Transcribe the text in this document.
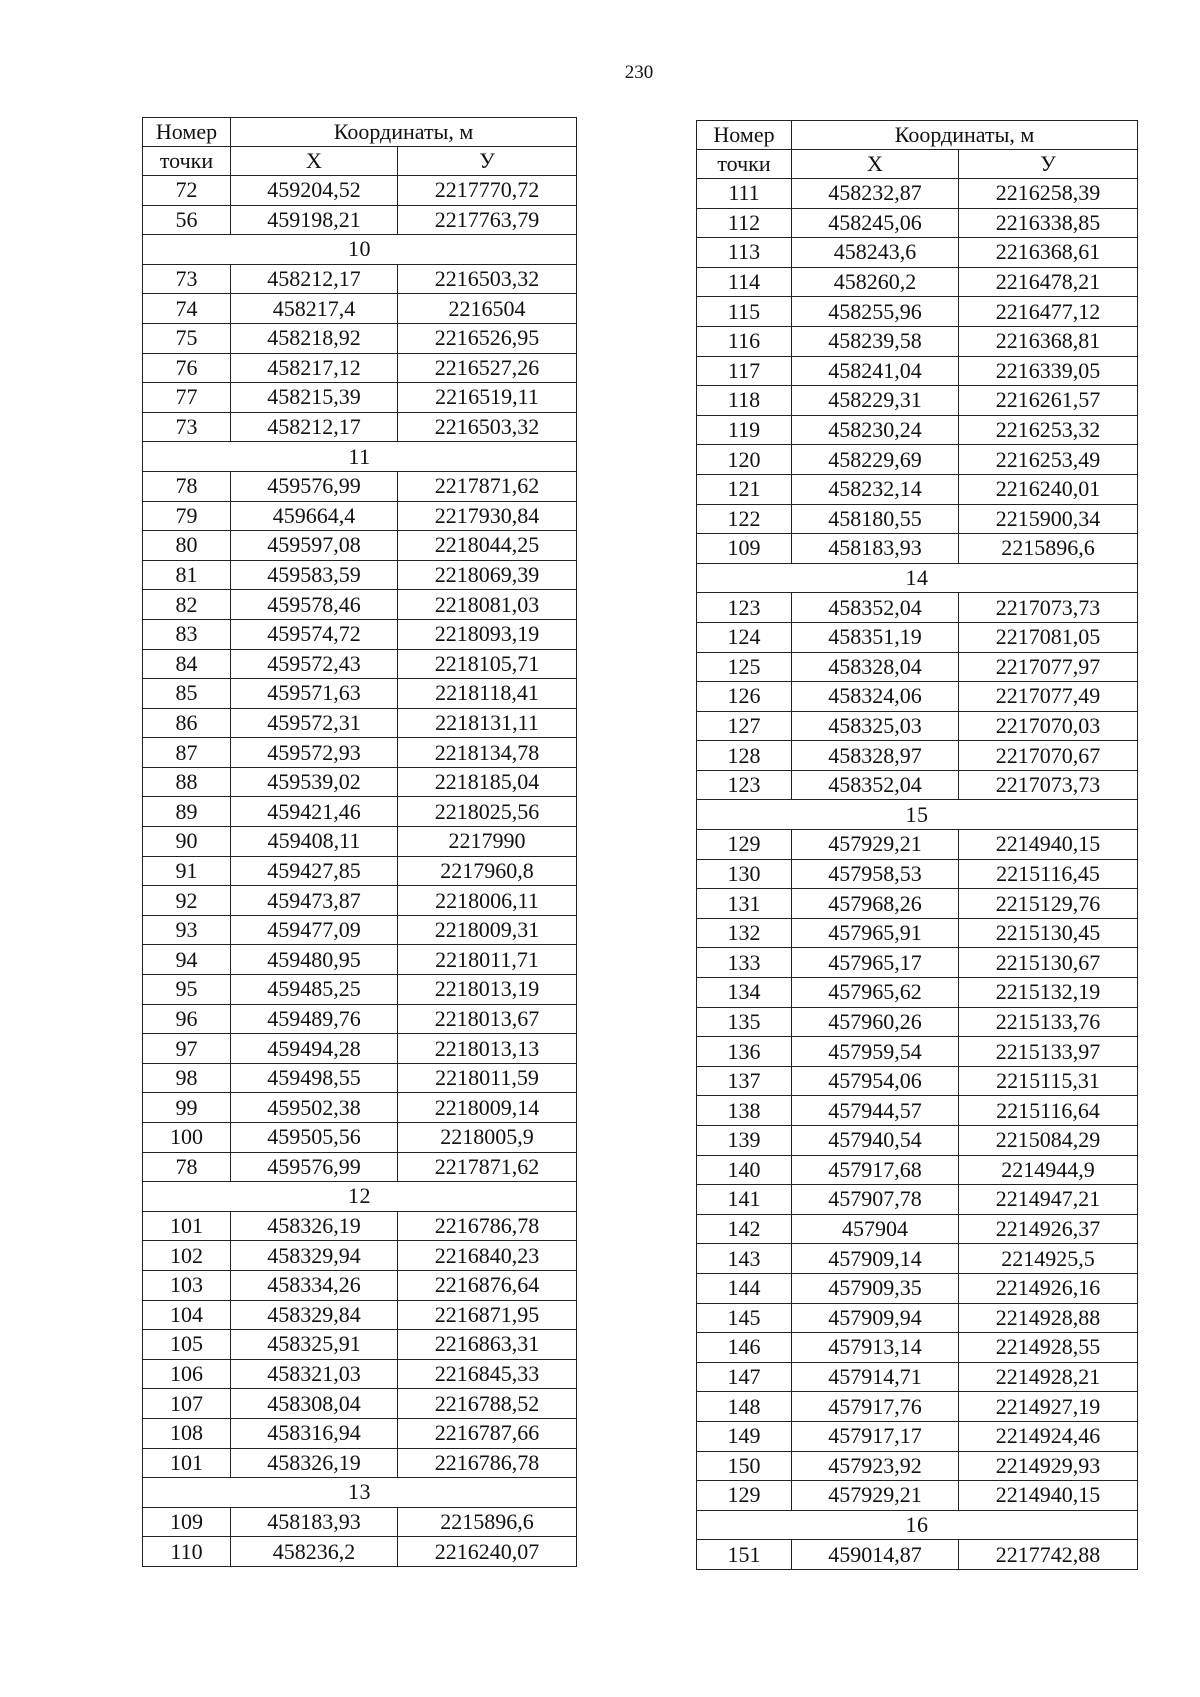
230
Номер	Координаты, м	
точки	X	У
72	459204,52	2217770,72
56	459198,21	2217763,79
10		
73	458212,17	2216503,32
74	458217,4	2216504
75	458218,92	2216526,95
76	458217,12	2216527,26
77	458215,39	2216519,11
73	458212,17	2216503,32
11		
78	459576,99	2217871,62
79	459664,4	2217930,84
80	459597,08	2218044,25
81	459583,59	2218069,39
82	459578,46	2218081,03
83	459574,72	2218093,19
84	459572,43	2218105,71
85	459571,63	2218118,41
86	459572,31	2218131,11
87	459572,93	2218134,78
88	459539,02	2218185,04
89	459421,46	2218025,56
90	459408,11	2217990
91	459427,85	2217960,8
92	459473,87	2218006,11
93	459477,09	2218009,31
94	459480,95	2218011,71
95	459485,25	2218013,19
96	459489,76	2218013,67
97	459494,28	2218013,13
98	459498,55	2218011,59
99	459502,38	2218009,14
100	459505,56	2218005,9
78	459576,99	2217871,62
12		
101	458326,19	2216786,78
102	458329,94	2216840,23
103	458334,26	2216876,64
104	458329,84	2216871,95
105	458325,91	2216863,31
106	458321,03	2216845,33
107	458308,04	2216788,52
108	458316,94	2216787,66
101	458326,19	2216786,78
13		
109	458183,93	2215896,6
110	458236,2	2216240,07
Номер	Координаты, м	
точки	X	У
111	458232,87	2216258,39
112	458245,06	2216338,85
113	458243,6	2216368,61
114	458260,2	2216478,21
115	458255,96	2216477,12
116	458239,58	2216368,81
117	458241,04	2216339,05
118	458229,31	2216261,57
119	458230,24	2216253,32
120	458229,69	2216253,49
121	458232,14	2216240,01
122	458180,55	2215900,34
109	458183,93	2215896,6
14		
123	458352,04	2217073,73
124	458351,19	2217081,05
125	458328,04	2217077,97
126	458324,06	2217077,49
127	458325,03	2217070,03
128	458328,97	2217070,67
123	458352,04	2217073,73
15		
129	457929,21	2214940,15
130	457958,53	2215116,45
131	457968,26	2215129,76
132	457965,91	2215130,45
133	457965,17	2215130,67
134	457965,62	2215132,19
135	457960,26	2215133,76
136	457959,54	2215133,97
137	457954,06	2215115,31
138	457944,57	2215116,64
139	457940,54	2215084,29
140	457917,68	2214944,9
141	457907,78	2214947,21
142	457904	2214926,37
143	457909,14	2214925,5
144	457909,35	2214926,16
145	457909,94	2214928,88
146	457913,14	2214928,55
147	457914,71	2214928,21
148	457917,76	2214927,19
149	457917,17	2214924,46
150	457923,92	2214929,93
129	457929,21	2214940,15
16		
151	459014,87	2217742,88
